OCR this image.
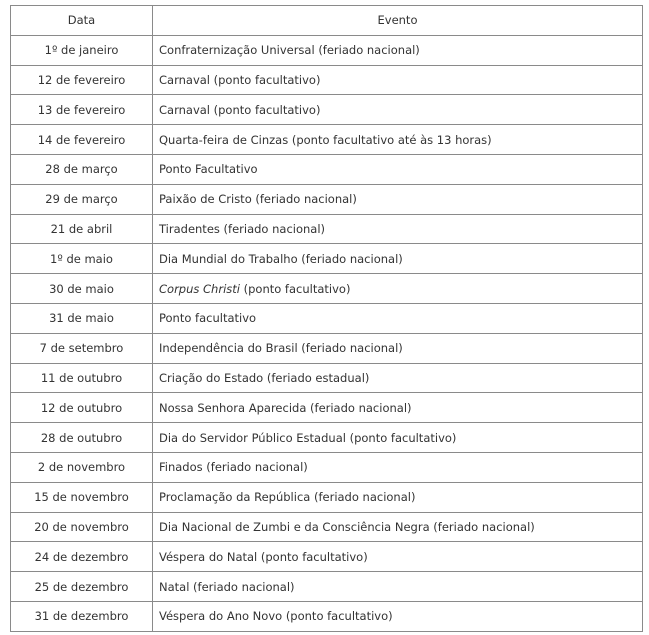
Data	Evento
1º de janeiro	Confraternização Universal (feriado nacional)
12 de fevereiro	Carnaval (ponto facultativo)
13 de fevereiro	Carnaval (ponto facultativo)
14 de fevereiro	Quarta-feira de Cinzas (ponto facultativo até às 13 horas)
28 de março	Ponto Facultativo
29 de março	Paixão de Cristo (feriado nacional)
21 de abril	Tiradentes (feriado nacional)
1º de maio	Dia Mundial do Trabalho (feriado nacional)
30 de maio	Corpus Christi (ponto facultativo)
31 de maio	Ponto facultativo
7 de setembro	Independência do Brasil (feriado nacional)
11 de outubro	Criação do Estado (feriado estadual)
12 de outubro	Nossa Senhora Aparecida (feriado nacional)
28 de outubro	Dia do Servidor Público Estadual (ponto facultativo)
2 de novembro	Finados (feriado nacional)
15 de novembro	Proclamação da República (feriado nacional)
20 de novembro	Dia Nacional de Zumbi e da Consciência Negra (feriado nacional)
24 de dezembro	Véspera do Natal (ponto facultativo)
25 de dezembro	Natal (feriado nacional)
31 de dezembro	Véspera do Ano Novo (ponto facultativo)
